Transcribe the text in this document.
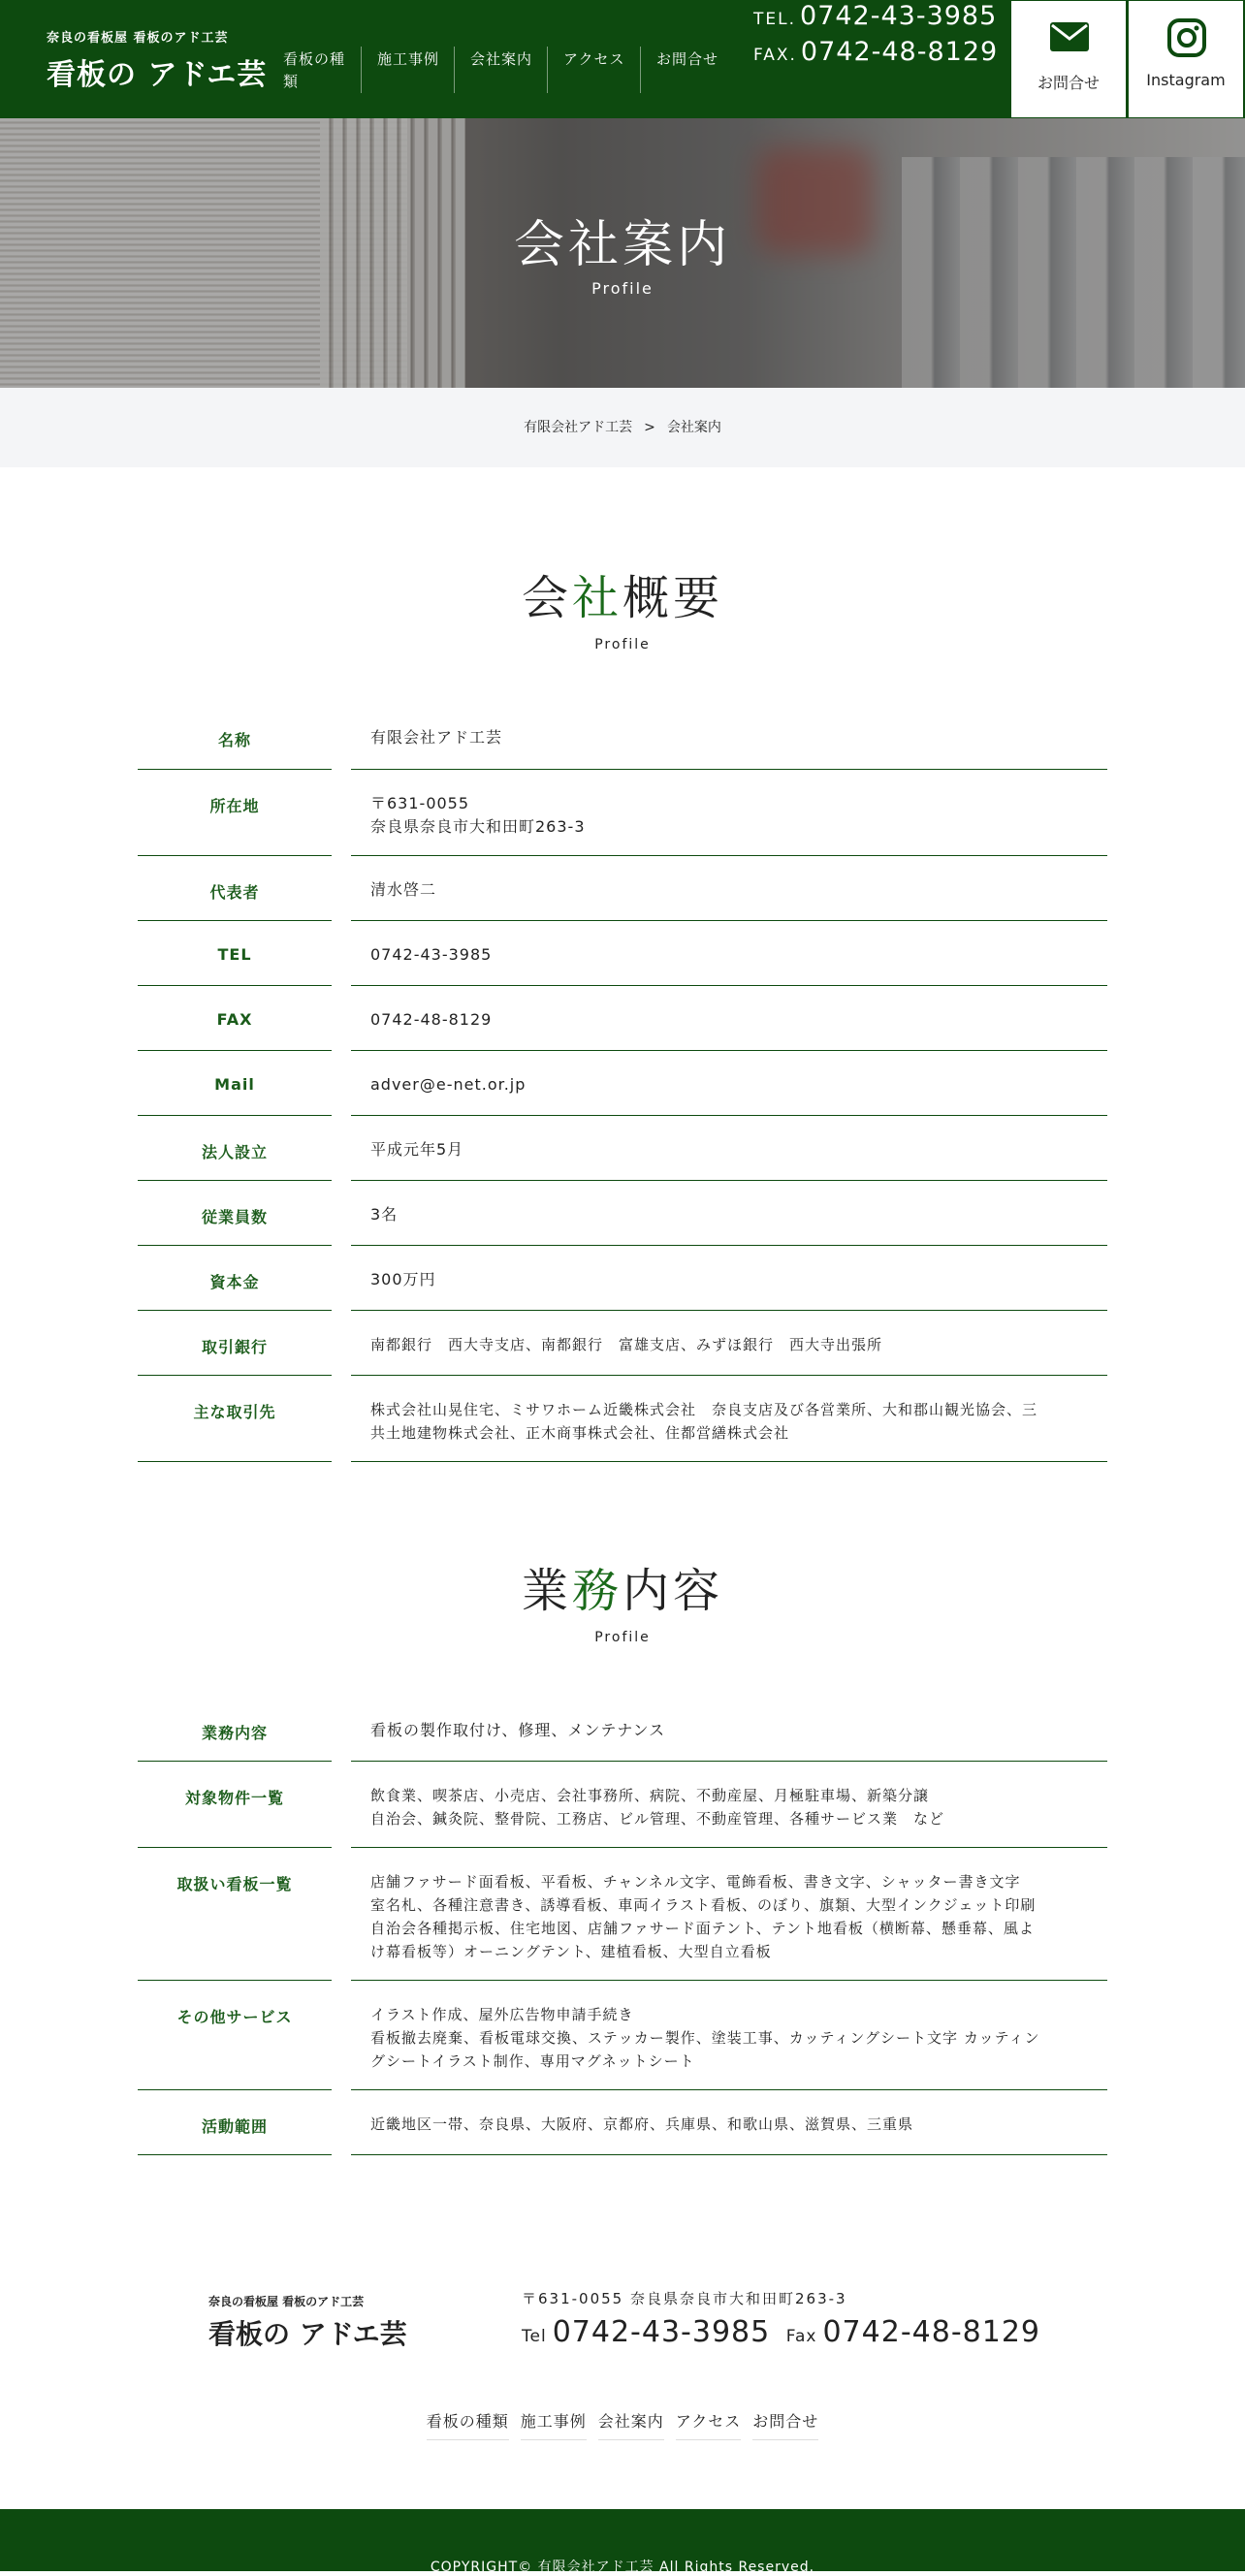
奈良の看板屋 看板のアド工芸
看板の アドエ芸	看板の種類
施工事例	会社案内	アクセス	お問合せ
TEL. 0742-43-3985
FAX. 0742-48-8129
お問合せ	Instagram
会社案内
Profile
有限会社アド工芸 > 会社案内
会社概要
Profile
名称	有限会社アド工芸
所在地	〒631-0055
奈良県奈良市大和田町263-3
代表者	清水啓二
TEL	0742-43-3985
FAX	0742-48-8129
Mail	adver@e-net.or.jp
法人設立	平成元年5月
従業員数	3名
資本金	300万円
取引銀行	南都銀行　西大寺支店、南都銀行　富雄支店、みずほ銀行　西大寺出張所
主な取引先	株式会社山晃住宅、ミサワホーム近畿株式会社　奈良支店及び各営業所、大和郡山観光協会、三
共土地建物株式会社、正木商事株式会社、住都営繕株式会社
業務内容
Profile
業務内容	看板の製作取付け、修理、メンテナンス
対象物件一覧	飲食業、喫茶店、小売店、会社事務所、病院、不動産屋、月極駐車場、新築分譲
自治会、鍼灸院、整骨院、工務店、ビル管理、不動産管理、各種サービス業　など
取扱い看板一覧	店舗ファサード面看板、平看板、チャンネル文字、電飾看板、書き文字、シャッター書き文字
室名札、各種注意書き、誘導看板、車両イラスト看板、のぼり、旗類、大型インクジェット印刷
自治会各種掲示板、住宅地図、店舗ファサード面テント、テント地看板（横断幕、懸垂幕、風よ
け幕看板等）オーニングテント、建植看板、大型自立看板
その他サービス	イラスト作成、屋外広告物申請手続き
看板撤去廃棄、看板電球交換、ステッカー製作、塗装工事、カッティングシート文字 カッティン
グシートイラスト制作、専用マグネットシート
活動範囲	近畿地区一帯、奈良県、大阪府、京都府、兵庫県、和歌山県、滋賀県、三重県
奈良の看板屋 看板のアド工芸
看板の アドエ芸
〒631-0055 奈良県奈良市大和田町263-3
Tel 0742-43-3985 Fax 0742-48-8129
看板の種類 施工事例 会社案内 アクセス お問合せ
COPYRIGHT© 有限会社アド工芸 All Rights Reserved.
